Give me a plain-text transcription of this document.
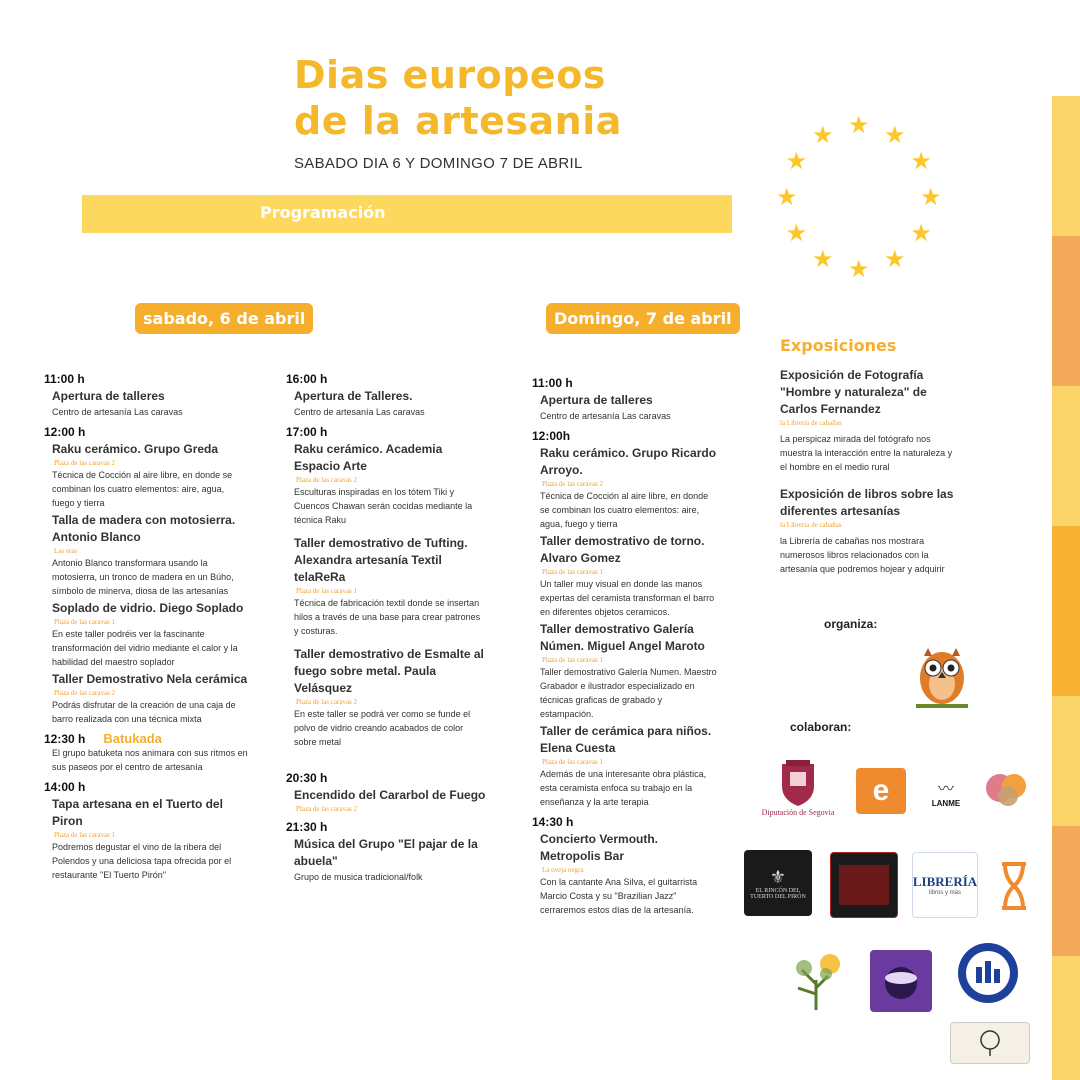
Dias europeos
de la artesania
SABADO DIA 6 Y DOMINGO 7 DE ABRIL
Programación
★ ★
★
★
★
★
★
★
★
★
★
★
sabado, 6 de abril	Domingo, 7 de abril
11:00 h
Apertura de talleres
Centro de artesanía Las caravas
12:00 h
Raku cerámico. Grupo Greda
Plaza de las caravas 2
Técnica de Cocción al aire libre, en donde se combinan los cuatro elementos: aire, agua, fuego y tierra
Talla de madera con motosierra. Antonio Blanco
Las eras
Antonio Blanco transformara usando la motosierra, un tronco de madera en un Búho, símbolo de minerva, diosa de las artesanías
Soplado de vidrio. Diego Soplado
Plaza de las caravas 1
En este taller podréis ver la fascinante transformación del vidrio mediante el calor y la habilidad del maestro soplador
Taller Demostrativo Nela cerámica
Plaza de las caravas 2
Podrás disfrutar de la creación de una caja de barro realizada con una técnica mixta
12:30 h Batukada
El grupo batuketa nos animara con sus ritmos en sus paseos por el centro de artesanía
14:00 h
Tapa artesana en el Tuerto del Piron
Plaza de las caravas 1
Podremos degustar el vino de la ribera del Polendos y una deliciosa tapa ofrecida por el restaurante "El Tuerto Pirón"
16:00 h
Apertura de Talleres.
Centro de artesanía Las caravas
17:00 h
Raku cerámico. Academia Espacio Arte
Plaza de las caravas 2
Esculturas inspiradas en los tótem Tiki y Cuencos Chawan serán cocidas mediante la técnica Raku
Taller demostrativo de Tufting. Alexandra artesanía Textil telaReRa
Plaza de las caravas 1
Técnica de fabricación textil donde se insertan hilos a través de una base para crear patrones y costuras.
Taller demostrativo de Esmalte al fuego sobre metal. Paula Velásquez
Plaza de las caravas 2
En este taller se podrá ver como se funde el polvo de vidrio creando acabados de color sobre metal
20:30 h
Encendido del Cararbol de Fuego
Plaza de las caravas 2
21:30 h
Música del Grupo "El pajar de la abuela"
Grupo de musica tradicional/folk
11:00 h
Apertura de talleres
Centro de artesanía Las caravas
12:00h
Raku cerámico. Grupo Ricardo Arroyo.
Plaza de las caravas 2
Técnica de Cocción al aire libre, en donde se combinan los cuatro elementos: aire, agua, fuego y tierra
Taller demostrativo de torno. Alvaro Gomez
Plaza de las caravas 1
Un taller muy visual en donde las manos expertas del ceramista transforman el barro en diferentes objetos ceramicos.
Taller demostrativo Galería Númen. Miguel Angel Maroto
Plaza de las caravas 1
Taller demostrativo Galería Numen. Maestro Grabador e ilustrador especializado en técnicas graficas de grabado y estampación.
Taller de cerámica para niños. Elena Cuesta
Plaza de las caravas 1
Además de una interesante obra plástica, esta ceramista enfoca su trabajo en la enseñanza y la arte terapia
14:30 h
Concierto Vermouth. Metropolis Bar
La oveja negra
Con la cantante Ana Silva, el guitarrista Marcio Costa y su "Brazilian Jazz" cerraremos estos días de la artesanía.
Exposiciones
Exposición de Fotografía "Hombre y naturaleza" de Carlos Fernandez
la Librería de cabañas
La perspicaz mirada del fotógrafo nos muestra la interacción entre la naturaleza y el hombre en el medio rural
Exposición de libros sobre las diferentes artesanías
la Librería de cabañas
la Librería de cabañas nos mostrara numerosos libros relacionados con la artesanía que podremos hojear y adquirir
organiza:
colaboran:
Diputación de Segovia
e	〰
LANME
⚜
EL RINCÓN DEL TUERTO DEL PIRÓN
LIBRERÍA
libros y más
